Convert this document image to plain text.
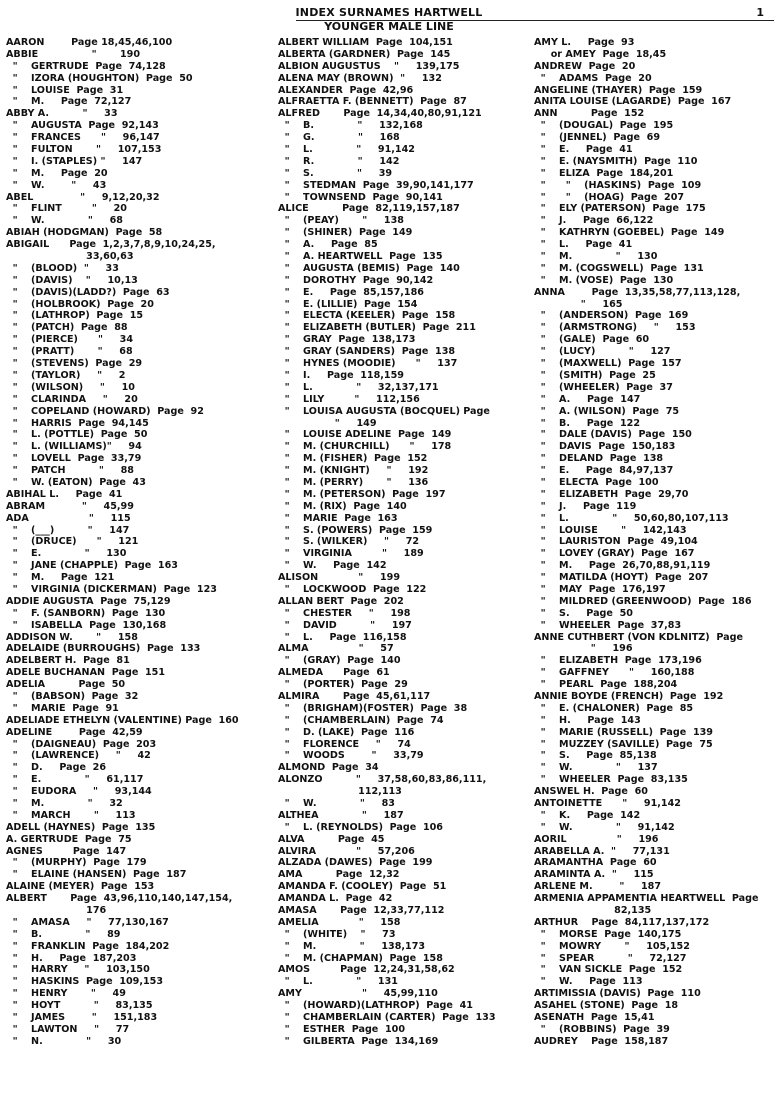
INDEX SURNAMES HARTWELL	1
YOUNGER MALE LINE
AARON        Page 18,45,46,100
ABBIE                "       190
"    GERTRUDE  Page  74,128
"    IZORA (HOUGHTON)  Page  50
"    LOUISE  Page  31
"    M.     Page  72,127
ABBY A.          "     33
"    AUGUSTA  Page  92,143
"    FRANCES      "     96,147
"    FULTON       "     107,153
"    I. (STAPLES) "     147
"    M.     Page  20
"    W.        "     43
ABEL              "     9,12,20,32
"    FLINT         "     20
"    W.             "     68
ABIAH (HODGMAN)  Page  58
ABIGAIL      Page  1,2,3,7,8,9,10,24,25,
33,60,63
"    (BLOOD)  "     33
"    (DAVIS)    "     10,13
"    (DAVIS)(LADD?)  Page  63
"    (HOLBROOK)  Page  20
"    (LATHROP)  Page  15
"    (PATCH)  Page  88
"    (PIERCE)      "     34
"    (PRATT)       "     68
"    (STEVENS)  Page  29
"    (TAYLOR)     "     2
"    (WILSON)     "     10
"    CLARINDA     "     20
"    COPELAND (HOWARD)  Page  92
"    HARRIS  Page  94,145
"    L. (POTTLE)  Page  50
"    L. (WILLIAMS)"     94
"    LOVELL  Page  33,79
"    PATCH          "     88
"    W. (EATON)  Page  43
ABIHAL L.     Page  41
ABRAM           "     45,99
ADA                  "     115
"    (___)          "     147
"    (DRUCE)      "     121
"    E.             "     130
"    JANE (CHAPPLE)  Page  163
"    M.     Page  121
"    VIRGINIA (DICKERMAN)  Page  123
ADDIE AUGUSTA  Page  75,129
"    F. (SANBORN)  Page  130
"    ISABELLA  Page  130,168
ADDISON W.       "     158
ADELAIDE (BURROUGHS)  Page  133
ADELBERT H.  Page  81
ADELE BUCHANAN  Page  151
ADELIA          Page  50
"    (BABSON)  Page  32
"    MARIE  Page  91
ADELIADE ETHELYN (VALENTINE) Page  160
ADELINE        Page  42,59
"    (DAIGNEAU)  Page  203
"    (LAWRENCE)     "     42
"    D.     Page  26
"    E.             "     61,117
"    EUDORA     "     93,144
"    M.             "     32
"    MARCH       "     113
ADELL (HAYNES)  Page  135
A. GERTRUDE  Page  75
AGNES         Page  147
"    (MURPHY)  Page  179
"    ELAINE (HANSEN)  Page  187
ALAINE (MEYER)  Page  153
ALBERT       Page  43,96,110,140,147,154,
176
"    AMASA     "     77,130,167
"    B.             "     89
"    FRANKLIN  Page  184,202
"    H.     Page  187,203
"    HARRY     "     103,150
"    HASKINS  Page  109,153
"    HENRY       "     49
"    HOYT          "     83,135
"    JAMES        "     151,183
"    LAWTON     "     77
"    N.             "     30
ALBERT WILLIAM  Page  104,151
ALBERTA (GARDNER)  Page  145
ALBION AUGUSTUS    "     139,175
ALENA MAY (BROWN)  "     132
ALEXANDER  Page  42,96
ALFRAETTA F. (BENNETT)  Page  87
ALFRED       Page  14,34,40,80,91,121
"    B.             "     132,168
"    G.             "     168
"    L.             "     91,142
"    R.             "     142
"    S.             "     39
"    STEDMAN  Page  39,90,141,177
"    TOWNSEND  Page  90,141
ALICE          Page  82,119,157,187
"    (PEAY)       "     138
"    (SHINER)  Page  149
"    A.     Page  85
"    A. HEARTWELL  Page  135
"    AUGUSTA (BEMIS)  Page  140
"    DOROTHY  Page  90,142
"    E.     Page  85,157,186
"    E. (LILLIE)  Page  154
"    ELECTA (KEELER)  Page  158
"    ELIZABETH (BUTLER)  Page  211
"    GRAY  Page  138,173
"    GRAY (SANDERS)  Page  138
"    HYNES (MOODIE)      "     137
"    I.     Page  118,159
"    L.             "     32,137,171
"    LILY         "     112,156
"    LOUISA AUGUSTA (BOCQUEL) Page
"     149
"    LOUISE ADELINE  Page  149
"    M. (CHURCHILL)      "     178
"    M. (FISHER)  Page  152
"    M. (KNIGHT)     "     192
"    M. (PERRY)       "     136
"    M. (PETERSON)  Page  197
"    M. (RIX)  Page  140
"    MARIE  Page  163
"    S. (POWERS)  Page  159
"    S. (WILKER)     "     72
"    VIRGINIA         "     189
"    W.     Page  142
ALISON            "     199
"    LOCKWOOD  Page  122
ALLAN BERT  Page  202
"    CHESTER     "     198
"    DAVID          "     197
"    L.     Page  116,158
ALMA               "     57
"    (GRAY)  Page  140
ALMEDA      Page  61
"    (PORTER)  Page  29
ALMIRA       Page  45,61,117
"    (BRIGHAM)(FOSTER)  Page  38
"    (CHAMBERLAIN)  Page  74
"    D. (LAKE)  Page  116
"    FLORENCE     "     74
"    WOODS        "     33,79
ALMOND  Page  34
ALONZO          "     37,58,60,83,86,111,
112,113
"    W.             "     83
ALTHEA             "     187
"    L. (REYNOLDS)  Page  106
ALVA          Page  45
ALVIRA            "     57,206
ALZADA (DAWES)  Page  199
AMA          Page  12,32
AMANDA F. (COOLEY)  Page  51
AMANDA L.  Page  42
AMASA       Page  12,33,77,112
AMELIA            "     158
"    (WHITE)    "     73
"    M.             "     138,173
"    M. (CHAPMAN)  Page  158
AMOS         Page  12,24,31,58,62
"    L.             "     131
AMY                  "     45,99,110
"    (HOWARD)(LATHROP)  Page  41
"    CHAMBERLAIN (CARTER)  Page  133
"    ESTHER  Page  100
"    GILBERTA  Page  134,169
AMY L.     Page  93
or AMEY  Page  18,45
ANDREW  Page  20
"    ADAMS  Page  20
ANGELINE (THAYER)  Page  159
ANITA LOUISE (LAGARDE)  Page  167
ANN          Page  152
"    (DOUGAL)  Page  195
"    (JENNEL)  Page  69
"    E.     Page  41
"    E. (NAYSMITH)  Page  110
"    ELIZA  Page  184,201
"      "    (HASKINS)  Page  109
"      "    (HOAG)  Page  207
"    ELY (PATERSON)  Page  175
"    J.     Page  66,122
"    KATHRYN (GOEBEL)  Page  149
"    L.     Page  41
"    M.             "     130
"    M. (COGSWELL)  Page  131
"    M. (VOSE)  Page  130
ANNA        Page  13,35,58,77,113,128,
"     165
"    (ANDERSON)  Page  169
"    (ARMSTRONG)     "     153
"    (GALE)  Page  60
"    (LUCY)          "     127
"    (MAXWELL)  Page  157
"    (SMITH)  Page  25
"    (WHEELER)  Page  37
"    A.     Page  147
"    A. (WILSON)  Page  75
"    B.     Page  122
"    DALE (DAVIS)  Page  150
"    DAVIS  Page  150,183
"    DELAND  Page  138
"    E.     Page  84,97,137
"    ELECTA  Page  100
"    ELIZABETH  Page  29,70
"    J.     Page  119
"    L.             "     50,60,80,107,113
"    LOUISE       "     142,143
"    LAURISTON  Page  49,104
"    LOVEY (GRAY)  Page  167
"    M.     Page  26,70,88,91,119
"    MATILDA (HOYT)  Page  207
"    MAY  Page  176,197
"    MILDRED (GREENWOOD)  Page  186
"    S.     Page  50
"    WHEELER  Page  37,83
ANNE CUTHBERT (VON KDLNITZ)  Page
"     196
"    ELIZABETH  Page  173,196
"    GAFFNEY      "     160,188
"    PEARL  Page  188,204
ANNIE BOYDE (FRENCH)  Page  192
"    E. (CHALONER)  Page  85
"    H.     Page  143
"    MARIE (RUSSELL)  Page  139
"    MUZZEY (SAVILLE)  Page  75
"    S.     Page  85,138
"    W.             "     137
"    WHEELER  Page  83,135
ANSWEL H.  Page  60
ANTOINETTE      "     91,142
"    K.     Page  142
"    W.             "     91,142
AORIL               "     196
ARABELLA A.  "     77,131
ARAMANTHA  Page  60
ARAMINTA A.  "     115
ARLENE M.        "     187
ARMENIA APPAMENTIA HEARTWELL  Page
82,135
ARTHUR    Page  84,117,137,172
"    MORSE  Page  140,175
"    MOWRY       "     105,152
"    SPEAR          "     72,127
"    VAN SICKLE  Page  152
"    W.     Page  113
ARTIMISSIA (DAVIS)  Page  110
ASAHEL (STONE)  Page  18
ASENATH  Page  15,41
"    (ROBBINS)  Page  39
AUDREY    Page  158,187
